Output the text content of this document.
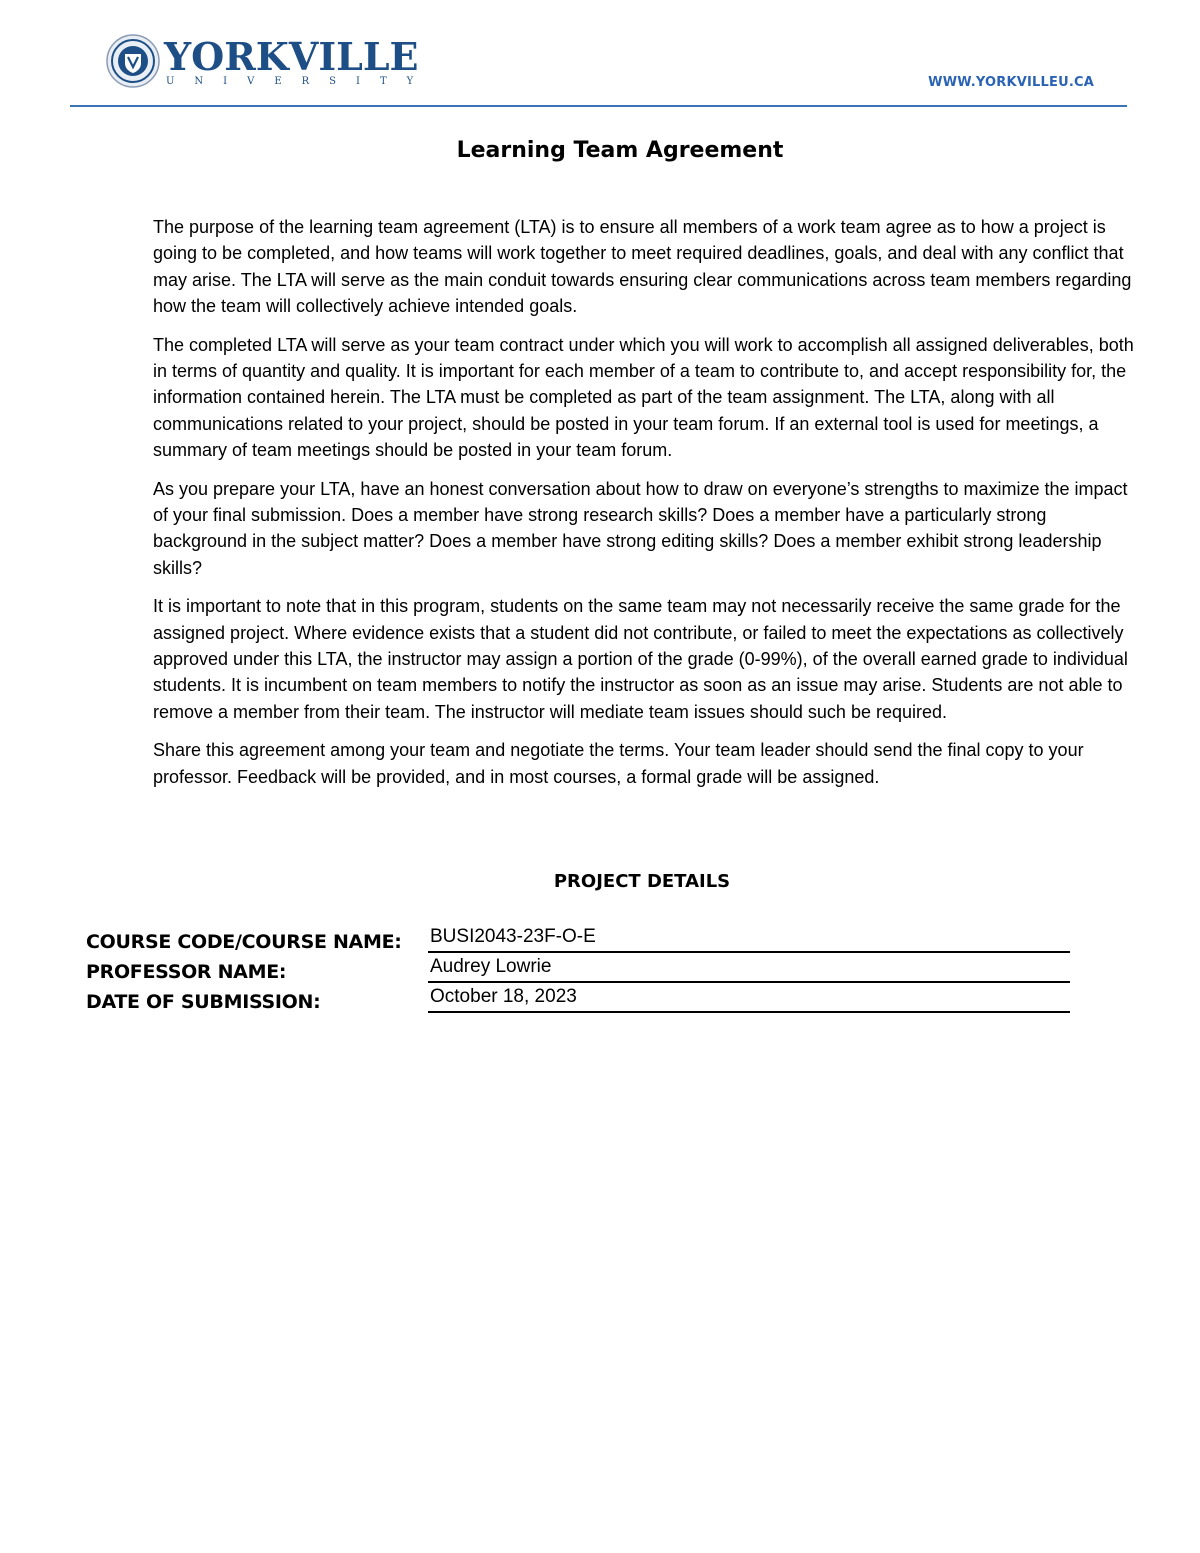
YORKVILLE
UNIVERSITY	WWW.YORKVILLEU.CA
Learning Team Agreement

The purpose of the learning team agreement (LTA) is to ensure all members of a work team agree as to how a project is going to be completed, and how teams will work together to meet required deadlines, goals, and deal with any conflict that may arise. The LTA will serve as the main conduit towards ensuring clear communications across team members regarding how the team will collectively achieve intended goals.

The completed LTA will serve as your team contract under which you will work to accomplish all assigned deliverables, both in terms of quantity and quality. It is important for each member of a team to contribute to, and accept responsibility for, the information contained herein. The LTA must be completed as part of the team assignment. The LTA, along with all communications related to your project, should be posted in your team forum. If an external tool is used for meetings, a summary of team meetings should be posted in your team forum.

As you prepare your LTA, have an honest conversation about how to draw on everyone’s strengths to maximize the impact of your final submission. Does a member have strong research skills? Does a member have a particularly strong background in the subject matter? Does a member have strong editing skills? Does a member exhibit strong leadership skills?

It is important to note that in this program, students on the same team may not necessarily receive the same grade for the assigned project. Where evidence exists that a student did not contribute, or failed to meet the expectations as collectively approved under this LTA, the instructor may assign a portion of the grade (0-99%), of the overall earned grade to individual students. It is incumbent on team members to notify the instructor as soon as an issue may arise. Students are not able to remove a member from their team. The instructor will mediate team issues should such be required.

Share this agreement among your team and negotiate the terms. Your team leader should send the final copy to your professor. Feedback will be provided, and in most courses, a formal grade will be assigned.

PROJECT DETAILS
COURSE CODE/COURSE NAME: BUSI2043-23F-O-E
PROFESSOR NAME:	Audrey Lowrie
DATE OF SUBMISSION:	October 18, 2023
